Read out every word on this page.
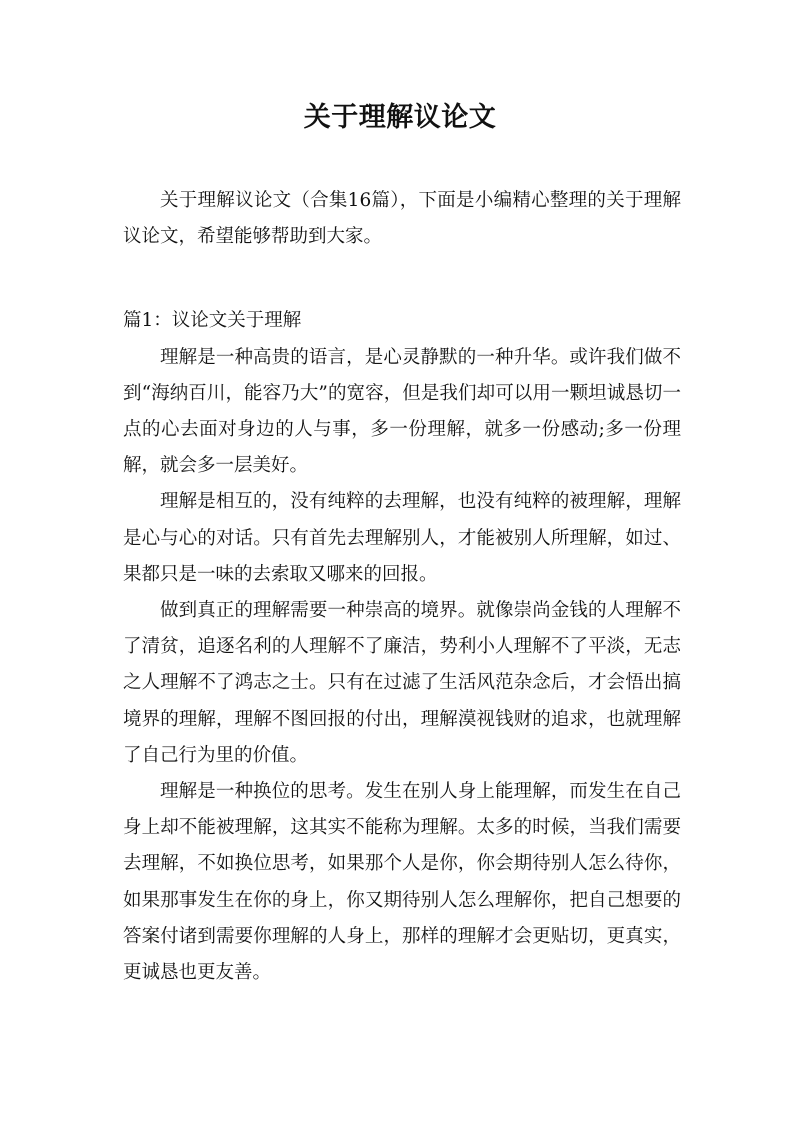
关于理解议论文

关于理解议论文（合集16篇），下面是小编精心整理的关于理解议论文，希望能够帮助到大家。

篇1：议论文关于理解

理解是一种高贵的语言，是心灵静默的一种升华。或许我们做不到“海纳百川，能容乃大”的宽容，但是我们却可以用一颗坦诚恳切一点的心去面对身边的人与事，多一份理解，就多一份感动;多一份理解，就会多一层美好。

理解是相互的，没有纯粹的去理解，也没有纯粹的被理解，理解是心与心的对话。只有首先去理解别人，才能被别人所理解，如过、果都只是一味的去索取又哪来的回报。

做到真正的理解需要一种崇高的境界。就像崇尚金钱的人理解不了清贫，追逐名利的人理解不了廉洁，势利小人理解不了平淡，无志之人理解不了鸿志之士。只有在过滤了生活风范杂念后，才会悟出搞境界的理解，理解不图回报的付出，理解漠视钱财的追求，也就理解了自己行为里的价值。

理解是一种换位的思考。发生在别人身上能理解，而发生在自己身上却不能被理解，这其实不能称为理解。太多的时候，当我们需要去理解，不如换位思考，如果那个人是你，你会期待别人怎么待你，如果那事发生在你的身上，你又期待别人怎么理解你，把自己想要的答案付诸到需要你理解的人身上，那样的理解才会更贴切，更真实，更诚恳也更友善。
